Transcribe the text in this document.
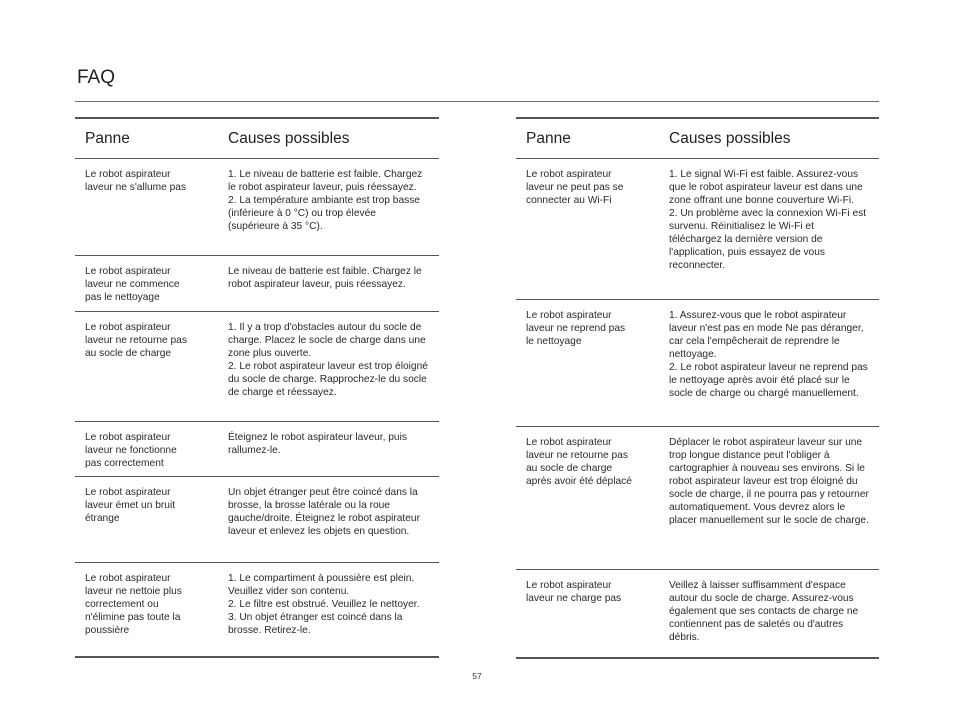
FAQ
Panne	Causes possibles
Le robot aspirateur laveur ne s'allume pas	1. Le niveau de batterie est faible. Chargez le robot aspirateur laveur, puis réessayez.
2. La température ambiante est trop basse (inférieure à 0 °C) ou trop élevée (supérieure à 35 °C).

Le robot aspirateur laveur ne commence pas le nettoyage	Le niveau de batterie est faible. Chargez le robot aspirateur laveur, puis réessayez.

Le robot aspirateur laveur ne retourne pas au socle de charge	1. Il y a trop d'obstacles autour du socle de charge. Placez le socle de charge dans une zone plus ouverte.
2. Le robot aspirateur laveur est trop éloigné du socle de charge. Rapprochez-le du socle de charge et réessayez.

Le robot aspirateur laveur ne fonctionne pas correctement	Éteignez le robot aspirateur laveur, puis rallumez-le.

Le robot aspirateur laveur émet un bruit étrange	Un objet étranger peut être coincé dans la brosse, la brosse latérale ou la roue gauche/droite. Éteignez le robot aspirateur laveur et enlevez les objets en question.

Le robot aspirateur laveur ne nettoie plus correctement ou n'élimine pas toute la poussière	1. Le compartiment à poussière est plein. Veuillez vider son contenu.
2. Le filtre est obstrué. Veuillez le nettoyer.
3. Un objet étranger est coincé dans la brosse. Retirez-le.
Panne	Causes possibles
Le robot aspirateur laveur ne peut pas se connecter au Wi-Fi	1. Le signal Wi-Fi est faible. Assurez-vous que le robot aspirateur laveur est dans une zone offrant une bonne couverture Wi-Fi.
2. Un problème avec la connexion Wi-Fi est survenu. Réinitialisez le Wi-Fi et téléchargez la dernière version de l'application, puis essayez de vous reconnecter.

Le robot aspirateur laveur ne reprend pas le nettoyage	1. Assurez-vous que le robot aspirateur laveur n'est pas en mode Ne pas déranger, car cela l'empêcherait de reprendre le nettoyage.
2. Le robot aspirateur laveur ne reprend pas le nettoyage après avoir été placé sur le socle de charge ou chargé manuellement.

Le robot aspirateur laveur ne retourne pas au socle de charge après avoir été déplacé	Déplacer le robot aspirateur laveur sur une trop longue distance peut l'obliger à cartographier à nouveau ses environs. Si le robot aspirateur laveur est trop éloigné du socle de charge, il ne pourra pas y retourner automatiquement. Vous devrez alors le placer manuellement sur le socle de charge.

Le robot aspirateur laveur ne charge pas	Veillez à laisser suffisamment d'espace autour du socle de charge. Assurez-vous également que ses contacts de charge ne contiennent pas de saletés ou d'autres débris.
57
